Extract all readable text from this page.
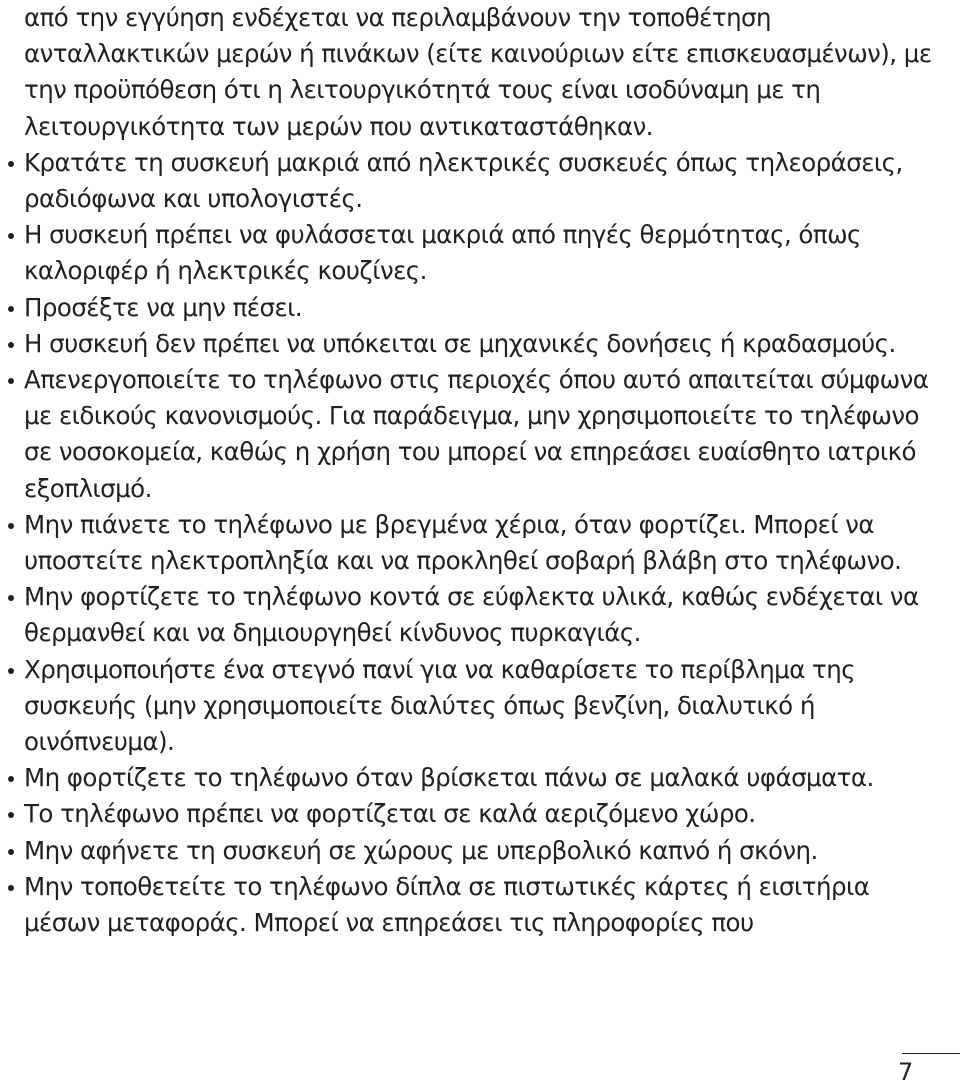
από την εγγύηση ενδέχεται να περιλαμβάνουν την τοποθέτηση ανταλλακτικών μερών ή πινάκων (είτε καινούριων είτε επισκευασμένων), με την προϋπόθεση ότι η λειτουργικότητά τους είναι ισοδύναμη με τη λειτουργικότητα των μερών που αντικαταστάθηκαν.

Κρατάτε τη συσκευή μακριά από ηλεκτρικές συσκευές όπως τηλεοράσεις, ραδιόφωνα και υπολογιστές.
Η συσκευή πρέπει να φυλάσσεται μακριά από πηγές θερμότητας, όπως καλοριφέρ ή ηλεκτρικές κουζίνες.
Προσέξτε να μην πέσει.
Η συσκευή δεν πρέπει να υπόκειται σε μηχανικές δονήσεις ή κραδασμούς.
Απενεργοποιείτε το τηλέφωνο στις περιοχές όπου αυτό απαιτείται σύμφωνα με ειδικούς κανονισμούς. Για παράδειγμα, μην χρησιμοποιείτε το τηλέφωνο σε νοσοκομεία, καθώς η χρήση του μπορεί να επηρεάσει ευαίσθητο ιατρικό εξοπλισμό.
Μην πιάνετε το τηλέφωνο με βρεγμένα χέρια, όταν φορτίζει. Μπορεί να υποστείτε ηλεκτροπληξία και να προκληθεί σοβαρή βλάβη στο τηλέφωνο.
Μην φορτίζετε το τηλέφωνο κοντά σε εύφλεκτα υλικά, καθώς ενδέχεται να θερμανθεί και να δημιουργηθεί κίνδυνος πυρκαγιάς.
Χρησιμοποιήστε ένα στεγνό πανί για να καθαρίσετε το περίβλημα της συσκευής (μην χρησιμοποιείτε διαλύτες όπως βενζίνη, διαλυτικό ή οινόπνευμα).
Μη φορτίζετε το τηλέφωνο όταν βρίσκεται πάνω σε μαλακά υφάσματα.
Το τηλέφωνο πρέπει να φορτίζεται σε καλά αεριζόμενο χώρο.
Μην αφήνετε τη συσκευή σε χώρους με υπερβολικό καπνό ή σκόνη.
Μην τοποθετείτε το τηλέφωνο δίπλα σε πιστωτικές κάρτες ή εισιτήρια μέσων μεταφοράς. Μπορεί να επηρεάσει τις πληροφορίες που
7
